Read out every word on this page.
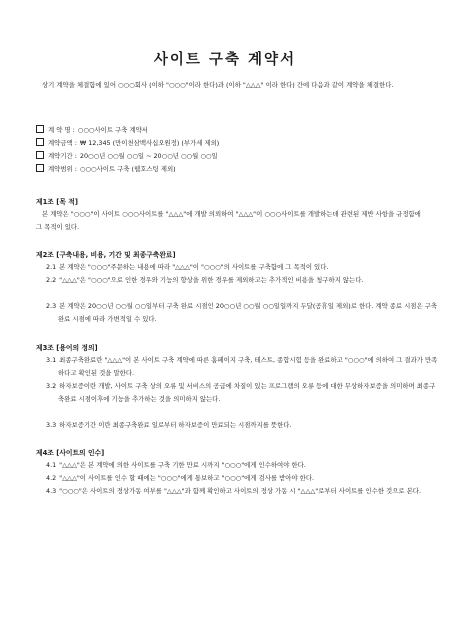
사이트 구축 계약서

상기 계약을 체결함에 있어 ○○○회사 (이하 "○○○"이라 한다)과 (이하 "△△△" 이라 한다) 간에 다음과 같이 계약을 체결한다.

계 약 명 : ○○○사이트 구축 계약서
계약금액 : ₩ 12,345 (만이천삼백사십오원정) (부가세 제외)
계약기간 : 20○○년 ○○월 ○○일 ~ 20○○년 ○○월 ○○일
계약범위 : ○○○사이트 구축 (웹호스팅 제외)
제1조 [목 적]

본 계약은 "○○○"이 사이트 ○○○사이트를 "△△△"에 개발 의뢰하여 "△△△"이 ○○○사이트를 개발하는데 관련된 제반 사항을 규정함에 그 목적이 있다.

제2조 [구축내용, 비용, 기간 및 최종구축완료]

2.1 본 계약은 "○○○"주문하는 내용에 따라 "△△△"이 "○○○"의 사이트를 구축함에 그 목적이 있다.

2.2 "△△△"은 "○○○"으로 인한 경우와 기능의 향상을 위한 경우를 제외하고는 추가적인 비용을 청구하지 않는다.

2.3 본 계약은 20○○년 ○○월 ○○일부터 구축 완료 시점인 20○○년 ○○월 ○○일일까지 두달(공휴일 제외)로 한다. 계약 종료 시점은 구축 완료 시점에 따라 가변적일 수 있다.

제3조 [용어의 정의]

3.1 최종구축완료란 "△△△"이 본 사이트 구축 계약에 따른 홈페이지 구축, 테스트, 종합시험 등을 완료하고 "○○○"에 의하여 그 결과가 만족하다고 확인된 것을 말한다.

3.2 하자보증이란 개발, 사이트 구축 상의 오류 및 서비스의 공급에 차질이 있는 프로그램의 오류 등에 대한 무상하자보증을 의미하며 최종구축완료 시점이후에 기능을 추가하는 것을 의미하지 않는다.

3.3 하자보증기간 이란 최종구축완료 일로부터 하자보증이 만료되는 시점까지를 뜻한다.

제4조 [사이트의 인수]

4.1 "△△△"은 본 계약에 의한 사이트를 구축 기한 만료 시까지 "○○○"에게 인수하여야 한다.

4.2 "△△△"이 사이트를 인수 할 때에는 "○○○"에게 통보하고 "○○○"에게 검사를 받아야 한다.

4.3 "○○○"은 사이트의 정상가동 여부를 "△△△"과 함께 확인하고 사이트의 정상 가동 시 "△△△"로부터 사이트를 인수한 것으로 본다.
